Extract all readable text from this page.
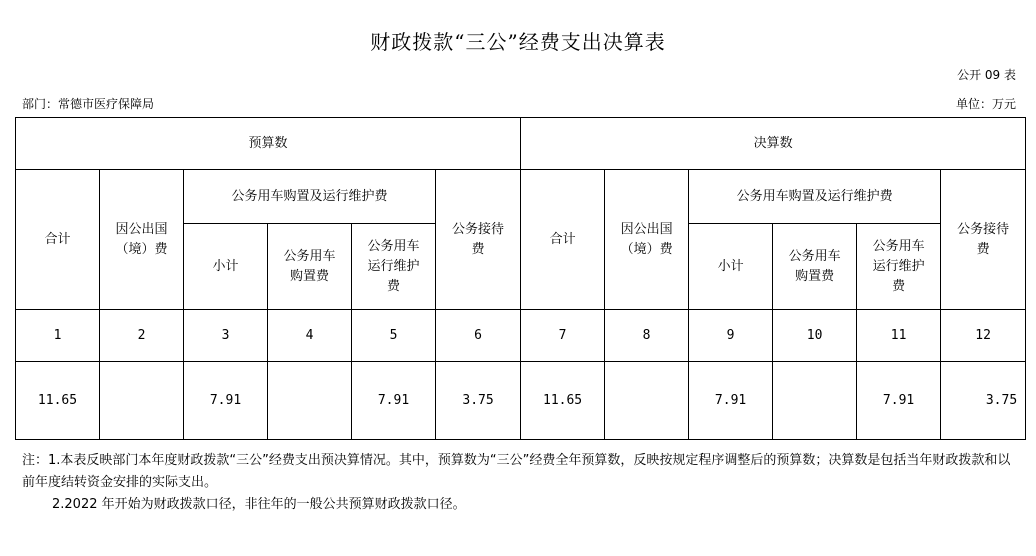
财政拨款“三公”经费支出决算表
公开 09 表
部门：常德市医疗保障局	单位：万元
预算数						决算数					
合计	因公出国（境）费	公务用车购置及运行维护费			公务接待费	合计	因公出国（境）费	公务用车购置及运行维护费			公务接待费
		小计	公务用车购置费	公务用车运行维护费				小计	公务用车购置费	公务用车运行维护费	
1	2	3	4	5	6	7	8	9	10	11	12
11.65		7.91		7.91	3.75	11.65		7.91		7.91	3.75

注：1.本表反映部门本年度财政拨款“三公”经费支出预决算情况。其中，预算数为“三公”经费全年预算数，反映按规定程序调整后的预算数；决算数是包括当年财政拨款和以前年度结转资金安排的实际支出。

2.2022 年开始为财政拨款口径，非往年的一般公共预算财政拨款口径。
